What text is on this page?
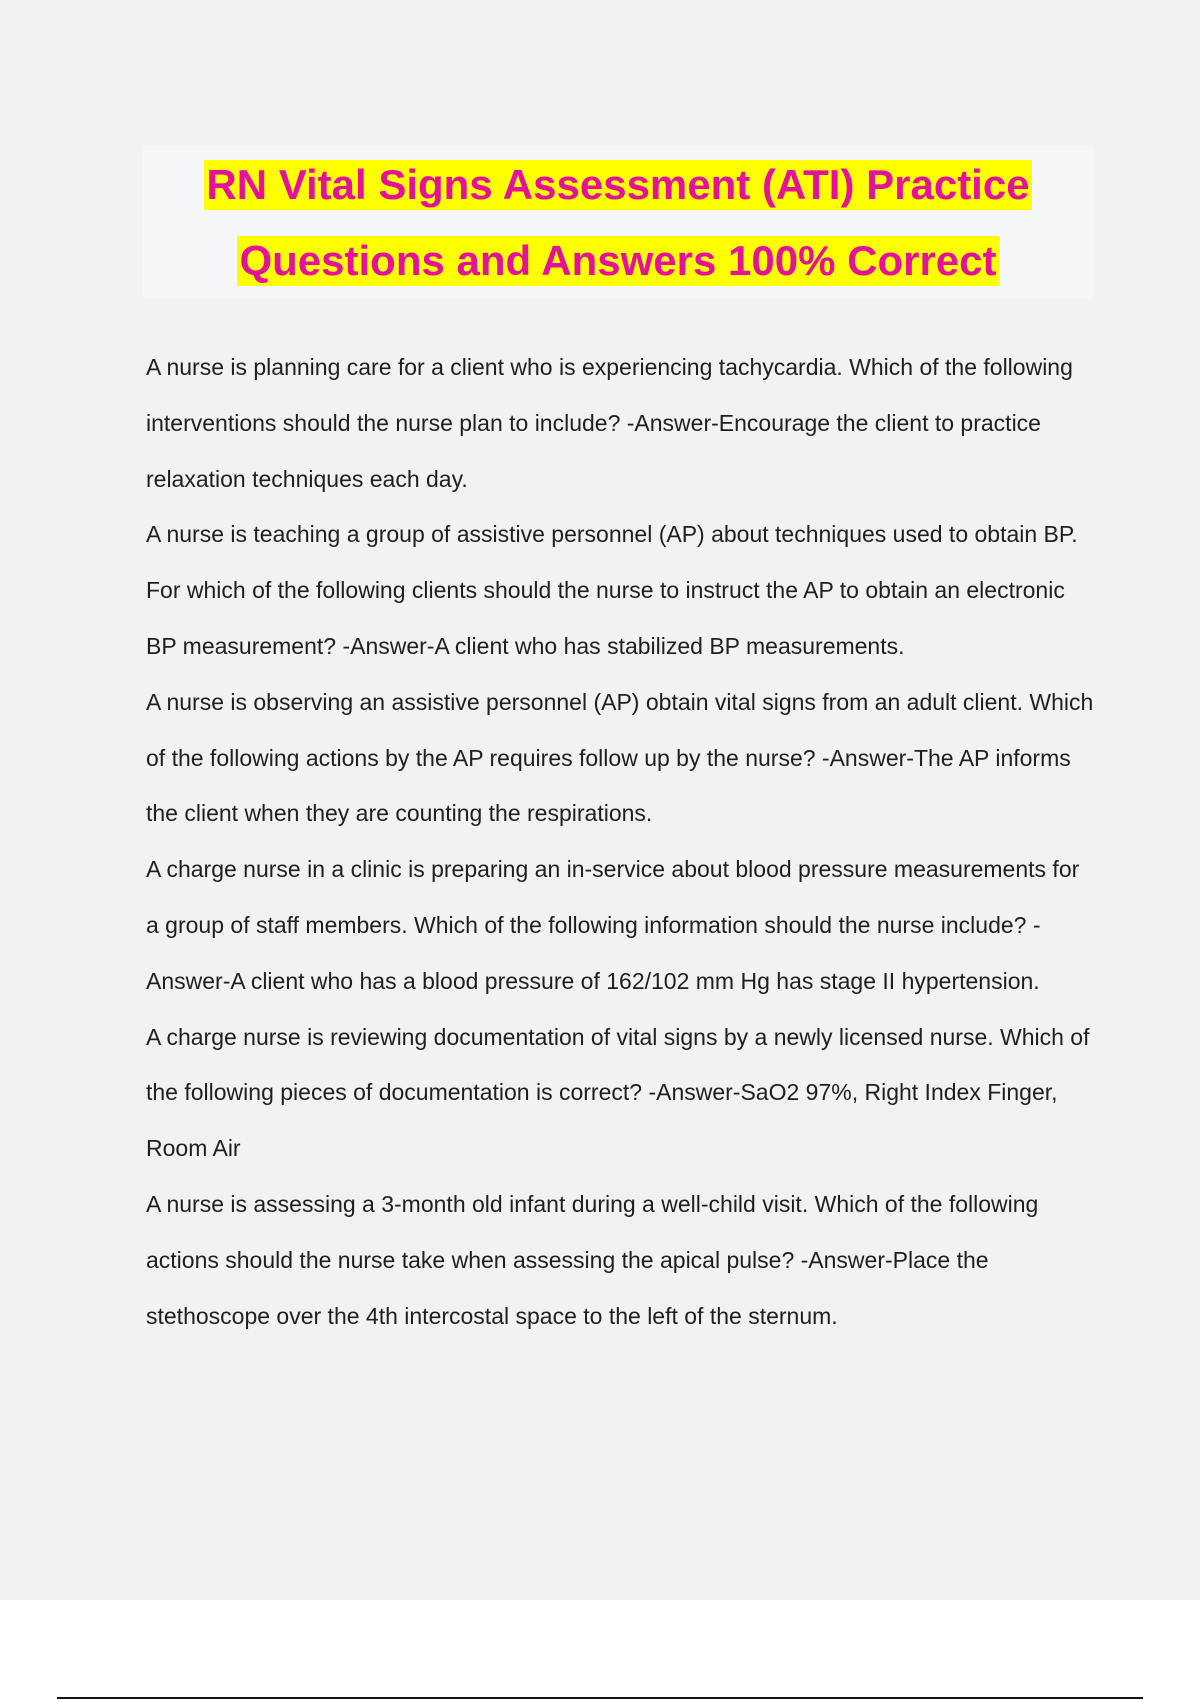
RN Vital Signs Assessment (ATI) Practice
Questions and Answers 100% Correct

A nurse is planning care for a client who is experiencing tachycardia. Which of the following interventions should the nurse plan to include? -Answer-Encourage the client to practice relaxation techniques each day.

A nurse is teaching a group of assistive personnel (AP) about techniques used to obtain BP. For which of the following clients should the nurse to instruct the AP to obtain an electronic BP measurement? -Answer-A client who has stabilized BP measurements.

A nurse is observing an assistive personnel (AP) obtain vital signs from an adult client. Which of the following actions by the AP requires follow up by the nurse? -Answer-The AP informs the client when they are counting the respirations.

A charge nurse in a clinic is preparing an in-service about blood pressure measurements for a group of staff members. Which of the following information should the nurse include? -Answer-A client who has a blood pressure of 162/102 mm Hg has stage II hypertension.

A charge nurse is reviewing documentation of vital signs by a newly licensed nurse. Which of the following pieces of documentation is correct? -Answer-SaO2 97%, Right Index Finger, Room Air

A nurse is assessing a 3-month old infant during a well-child visit. Which of the following actions should the nurse take when assessing the apical pulse? -Answer-Place the stethoscope over the 4th intercostal space to the left of the sternum.
